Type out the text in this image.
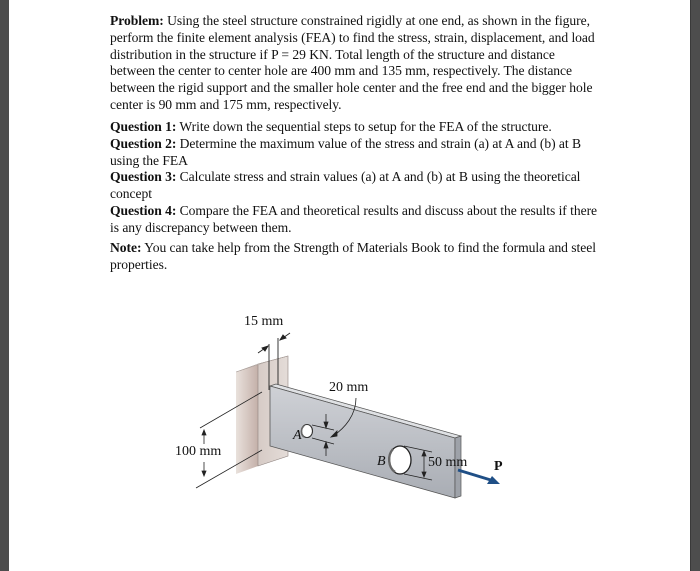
Problem: Using the steel structure constrained rigidly at one end, as shown in the figure, perform the finite element analysis (FEA) to find the stress, strain, displacement, and load distribution in the structure if P = 29 KN. Total length of the structure and distance between the center to center hole are 400 mm and 135 mm, respectively. The distance between the rigid support and the smaller hole center and the free end and the bigger hole center is 90 mm and 175 mm, respectively.

Question 1: Write down the sequential steps to setup for the FEA of the structure.

Question 2: Determine the maximum value of the stress and strain (a) at A and (b) at B using the FEA

Question 3: Calculate stress and strain values (a) at A and (b) at B using the theoretical concept

Question 4: Compare the FEA and theoretical results and discuss about the results if there is any discrepancy between them.

Note: You can take help from the Strength of Materials Book to find the formula and steel properties.
15 mm
20 mm
100 mm
50 mm
A
B	P
